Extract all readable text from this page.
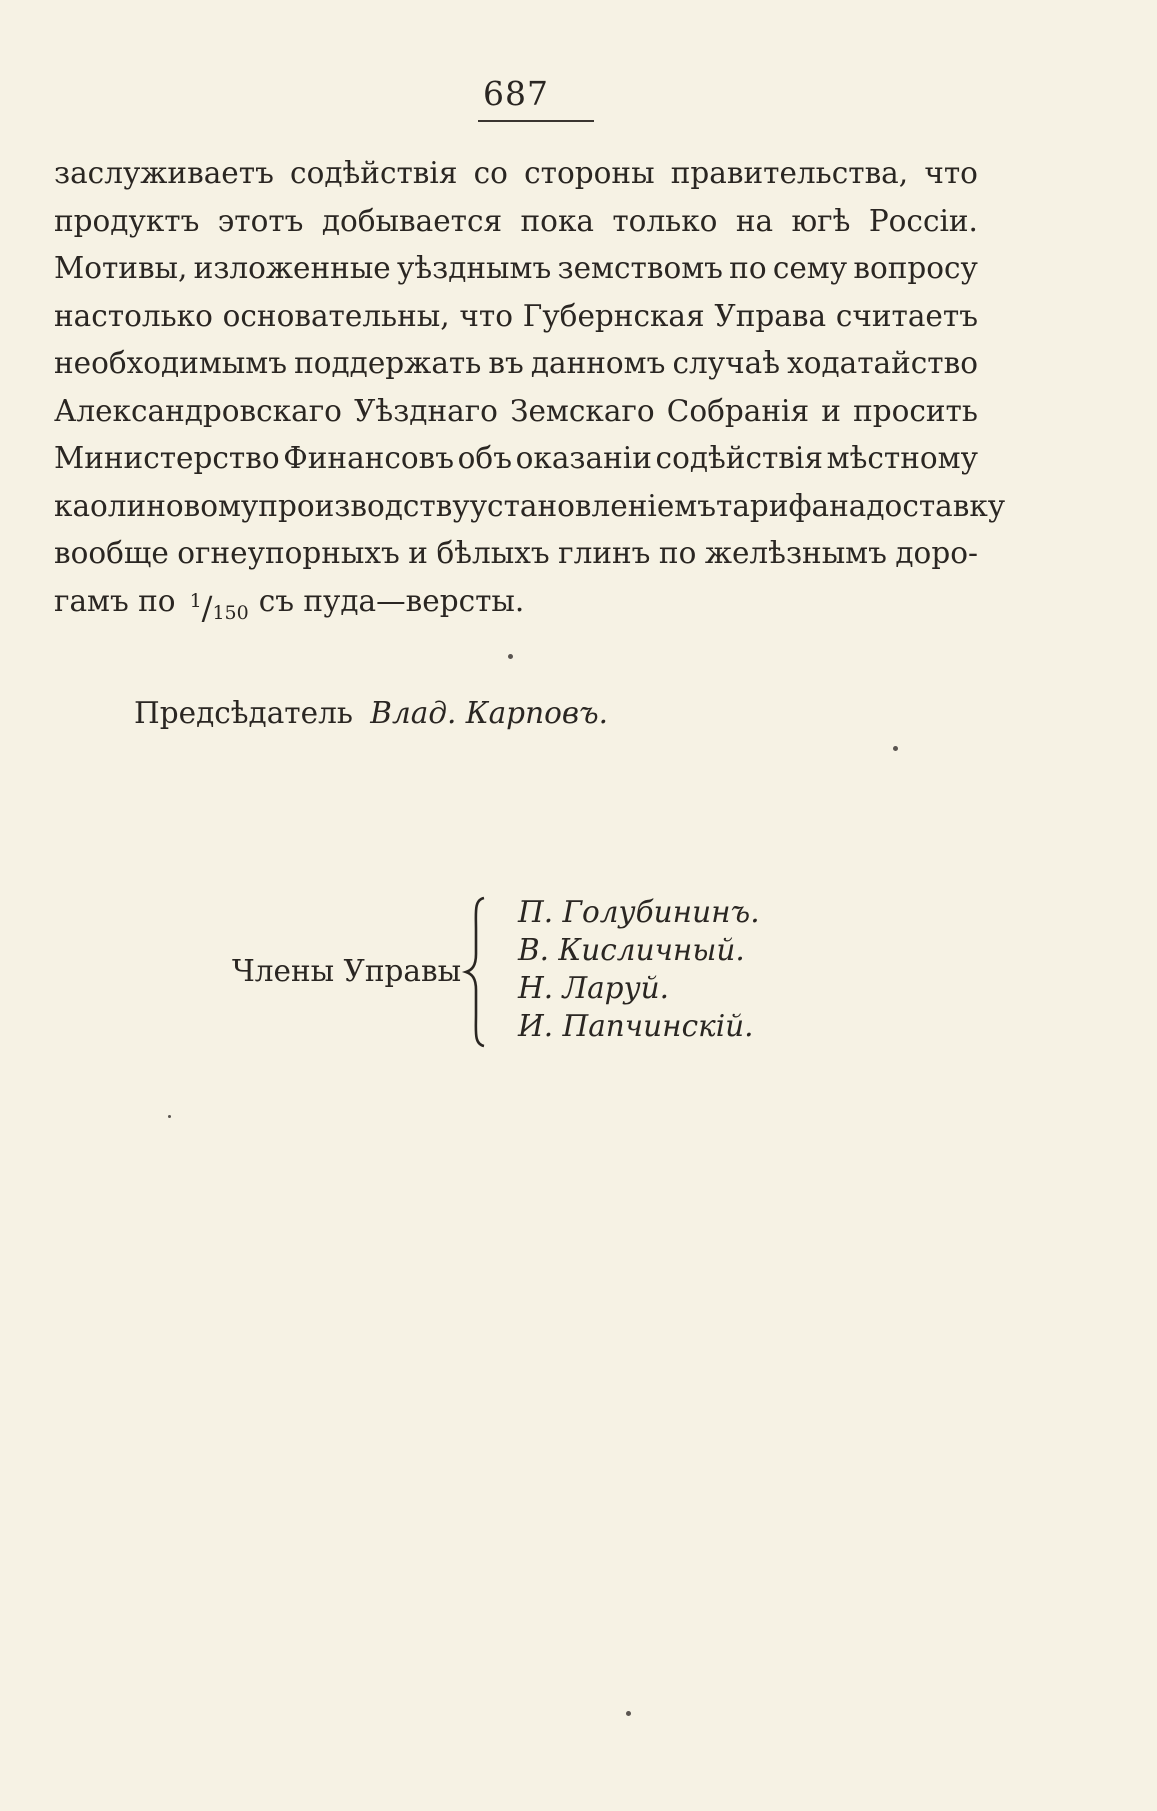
687
заслуживаетъ содѣйствія со стороны правительства, что
продуктъ этотъ добывается пока только на югѣ Россіи.
Мотивы, изложенные уѣзднымъ земствомъ по сему вопросу
настолько основательны, что Губернская Управа считаетъ
необходимымъ поддержать въ данномъ случаѣ ходатайство
Александровскаго Уѣзднаго Земскаго Собранія и просить
Министерство Финансовъ объ оказаніи содѣйствія мѣстному
каолиновому производству установленіемъ тарифа на доставку
вообще огнеупорныхъ и бѣлыхъ глинъ по желѣзнымъ доро-
гамъ по $^1$/150 съ пуда—версты.
Предсѣдатель Влад. Карповъ.
Члены Управы
П. Голубининъ.
В. Кисличный.
Н. Ларуй.
И. Папчинскій.
